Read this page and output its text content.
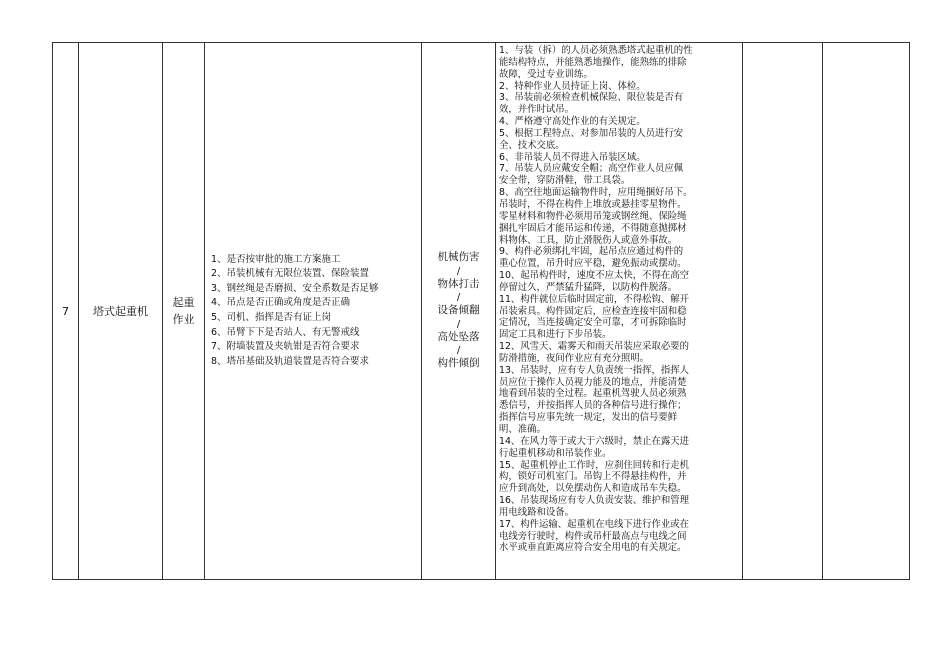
7	塔式起重机	
起重
作业

1、是否按审批的施工方案施工
2、吊装机械有无限位装置、保险装置
3、钢丝绳是否磨损、安全系数是否足够
4、吊点是否正确或角度是否正确
5、司机、指挥是否有证上岗
6、吊臂下下是否站人、有无警戒线
7、附墙装置及夹轨钳是否符合要求
8、塔吊基础及轨道装置是否符合要求

机械伤害
/
物体打击
/
设备倾翻
/
高处坠落
/
构件倾倒

1、与装（拆）的人员必须熟悉塔式起重机的性
能结构特点，并能熟悉地操作，能熟练的排除
故障，受过专业训练。
2、特种作业人员持证上岗、体检。
3、吊装前必须检查机械保险、限位装是否有
效，并作时试吊。
4、严格遵守高处作业的有关规定。
5、根据工程特点、对参加吊装的人员进行安
全、技术交底。
6、非吊装人员不得进入吊装区域。
7、吊装人员应戴安全帽；高空作业人员应佩
安全带，穿防滑鞋，带工具袋。
8、高空往地面运输物件时，应用绳捆好吊下。
吊装时，不得在构件上堆放或悬挂零星物件。
零星材料和物件必须用吊笼或钢丝绳、保险绳
捆扎牢固后才能吊运和传递，不得随意抛掷材
料物体、工具，防止滑脱伤人或意外事故。
9、构件必须绑扎牢固，起吊点应通过构件的
重心位置，吊升时应平稳，避免振动或摆动。
10、起吊构件时，速度不应太快，不得在高空
停留过久，严禁猛升猛降，以防构件脱落。
11、构件就位后临时固定前，不得松钩、解开
吊装索具。构件固定后，应检查连接牢固和稳
定情况，当连接确定安全可靠，才可拆除临时
固定工具和进行下步吊装。
12、风雪天、霜雾天和雨天吊装应采取必要的
防滑措施，夜间作业应有充分照明。
13、吊装时，应有专人负责统一指挥，指挥人
员应位于操作人员视力能及的地点，并能清楚
地看到吊装的全过程。起重机驾驶人员必须熟
悉信号，并按指挥人员的各种信号进行操作；
指挥信号应事先统一规定，发出的信号要鲜
明、准确。
14、在风力等于或大于六级时，禁止在露天进
行起重机移动和吊装作业。
15、起重机停止工作时，应刹住回转和行走机
构，锁好司机室门。吊钩上不得悬挂构件，并
应升到高处，以免摆动伤人和造成吊车失稳。
16、吊装现场应有专人负责安装、维护和管理
用电线路和设备。
17、构件运输、起重机在电线下进行作业或在
电线旁行驶时，构件或吊杆最高点与电线之间
水平或垂直距离应符合安全用电的有关规定。
